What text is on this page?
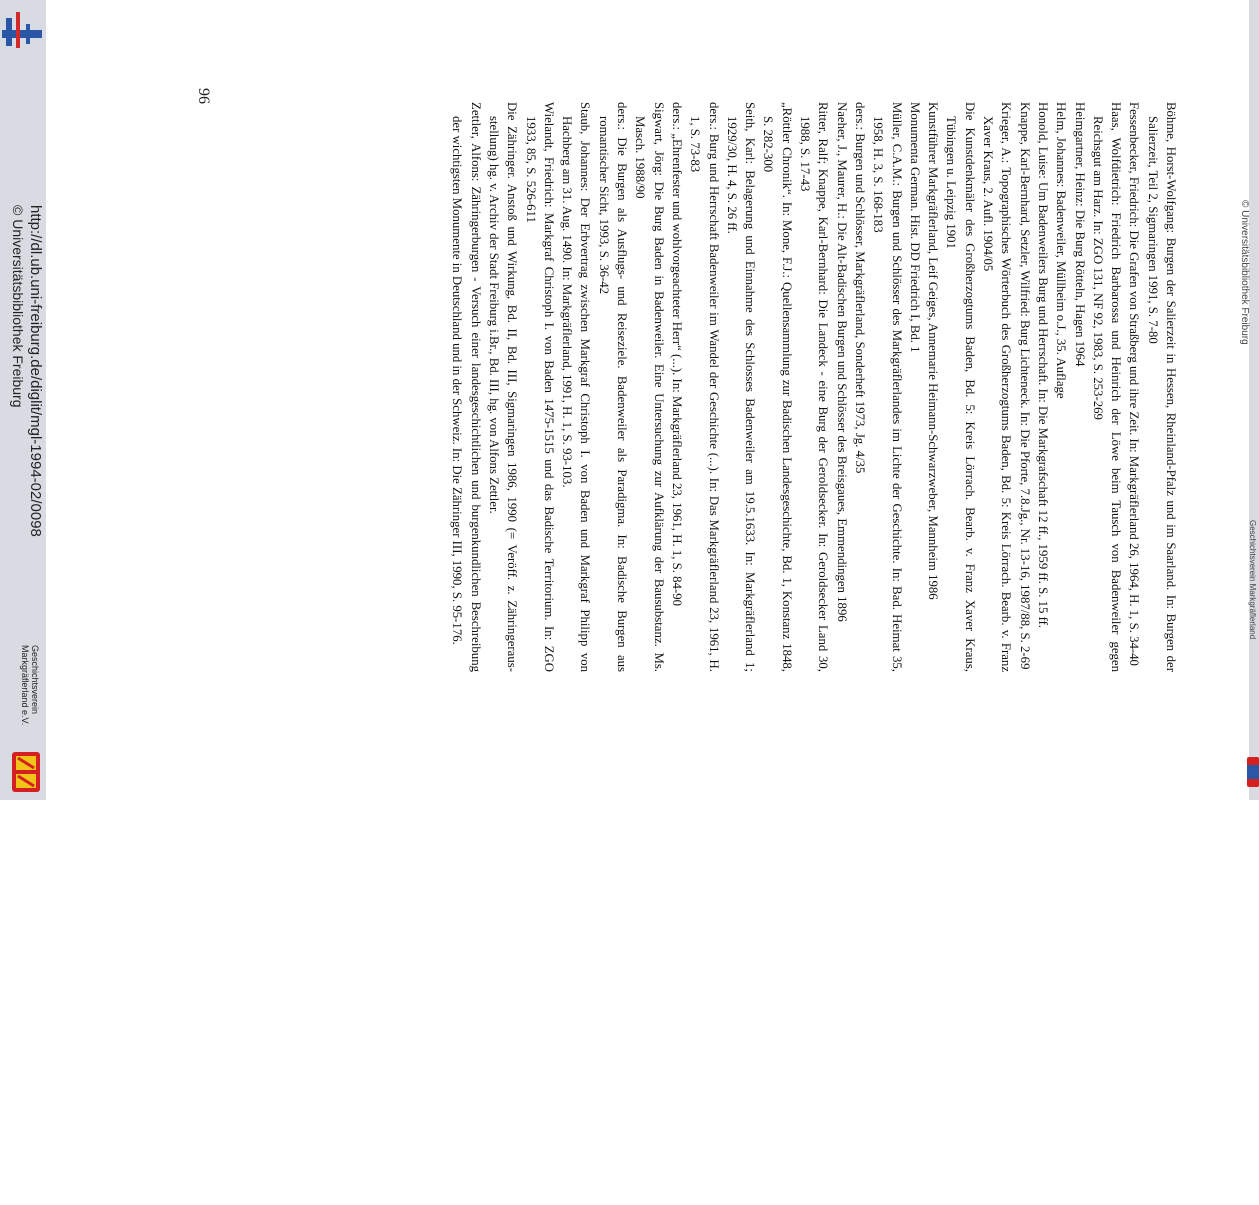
Böhme, Horst-Wolfgang: Burgen der Salierzeit in Hessen, Rheinland-Pfalz und im Saarland. In: Burgen der Salierzeit, Teil 2, Sigmaringen 1991, S. 7-80

Fessenbecker, Friedrich: Die Grafen von Straßberg und ihre Zeit. In: Markgräflerland 26, 1964, H. 1, S. 34-40

Haas, Wolfdietrich: Friedrich Barbarossa und Heinrich der Löwe beim Tausch von Badenweiler gegen Reichsgut am Harz. In: ZGO 131, NF 92, 1983, S. 253-269

Heimgartner, Heinz: Die Burg Rötteln, Hagen 1964

Helm, Johannes: Badenweiler, Müllheim o.J., 35. Auflage

Honold, Luise: Um Badenweilers Burg und Herrschaft. In: Die Markgrafschaft 12 ff., 1959 ff. S. 15 ff.

Knappe, Karl-Bernhard, Setzler, Wilfried: Burg Lichteneck. In: Die Pforte, 7.8.Jg., Nr. 13-16, 1987/88, S. 2-69

Krieger, A.: Topographisches Wörterbuch des Großherzogtums Baden, Bd. 5: Kreis Lörrach. Bearb. v. Franz Xaver Kraus, 2. Aufl. 1904/05

Die Kunstdenkmäler des Großherzogtums Baden, Bd. 5: Kreis Lörrach. Bearb. v. Franz Xaver Kraus, Tübingen u. Leipzig 1901

Kunstführer Markgräflerland, Leif Geiges, Annemarie Heimann-Schwarzweber, Mannheim 1986

Monumenta German. Hist. DD Friedrich I, Bd. 1

Müller, C.A.M.: Burgen und Schlösser des Markgräflerlandes im Lichte der Geschichte. In: Bad. Heimat 35, 1958, H. 3, S. 168-183

ders.: Burgen und Schlösser, Markgräflerland, Sonderheft 1973, Jg. 4/35

Naeher, J., Maurer, H.: Die Alt-Badischen Burgen und Schlösser des Breisgaues, Emmendingen 1896

Ritter, Ralf; Knappe, Karl-Bernhard: Die Landeck - eine Burg der Geroldsecker. In: Geroldsecker Land 30, 1988, S. 17-43

„Röttler Chronik“. In: Mone, F.J.: Quellensammlung zur Badischen Landesgeschichte, Bd. 1, Konstanz 1848, S. 282-300

Seith, Karl: Belagerung und Einnahme des Schlosses Badenweiler am 19.5.1633. In: Markgräflerland 1; 1929/30, H. 4, S. 26 ff.

ders.: Burg und Herrschaft Badenweiler im Wandel der Geschichte (...). In: Das Markgräflerland 23, 1961, H. 1, S. 73-83

ders.: „Ehrenfester und wohlvorgeachteter Herr“ (...). In: Markgräflerland 23, 1961, H. 1, S. 84-90

Sigwart, Jörg: Die Burg Baden in Badenweiler. Eine Untersuchung zur Aufklärung der Bausubstanz. Ms. Masch. 1988/90

ders.: Die Burgen als Ausflugs- und Reiseziele. Badenweiler als Paradigma. In: Badische Burgen aus romantischer Sicht, 1993, S. 36-42

Staub, Johannes: Der Erbvertrag zwischen Markgraf Christoph I. von Baden und Markgraf Philipp von Hachberg am 31. Aug. 1490. In: Markgräflerland, 1991, H. 1, S. 93-103.

Wielandt, Friedrich: Markgraf Christoph I. von Baden 1475-1515 und das Badische Territorium. In: ZGO 1933, 85, S. 526-611

Die Zähringer. Anstoß und Wirkung, Bd. II, Bd. III, Sigmaringen 1986, 1990 (= Veröff. z. Zähringeraus-stellung) hg. v. Archiv der Stadt Freiburg i.Br., Bd. III, hg. von Alfons Zettler.

Zettler, Alfons: Zähringerburgen - Versuch einer landesgeschichtlichen und burgenkundlichen Beschreibung der wichtigsten Monumente in Deutschland und in der Schweiz. In: Die Zähringer III, 1990, S. 95-176.

96
http://dl.ub.uni-freiburg.de/diglit/mgl-1994-02/0098
© Universitätsbibliothek Freiburg
Geschichtsverein
Markgräflerland e.V.
© Universitätsbibliothek Freiburg
Geschichtsverein Markgräflerland
